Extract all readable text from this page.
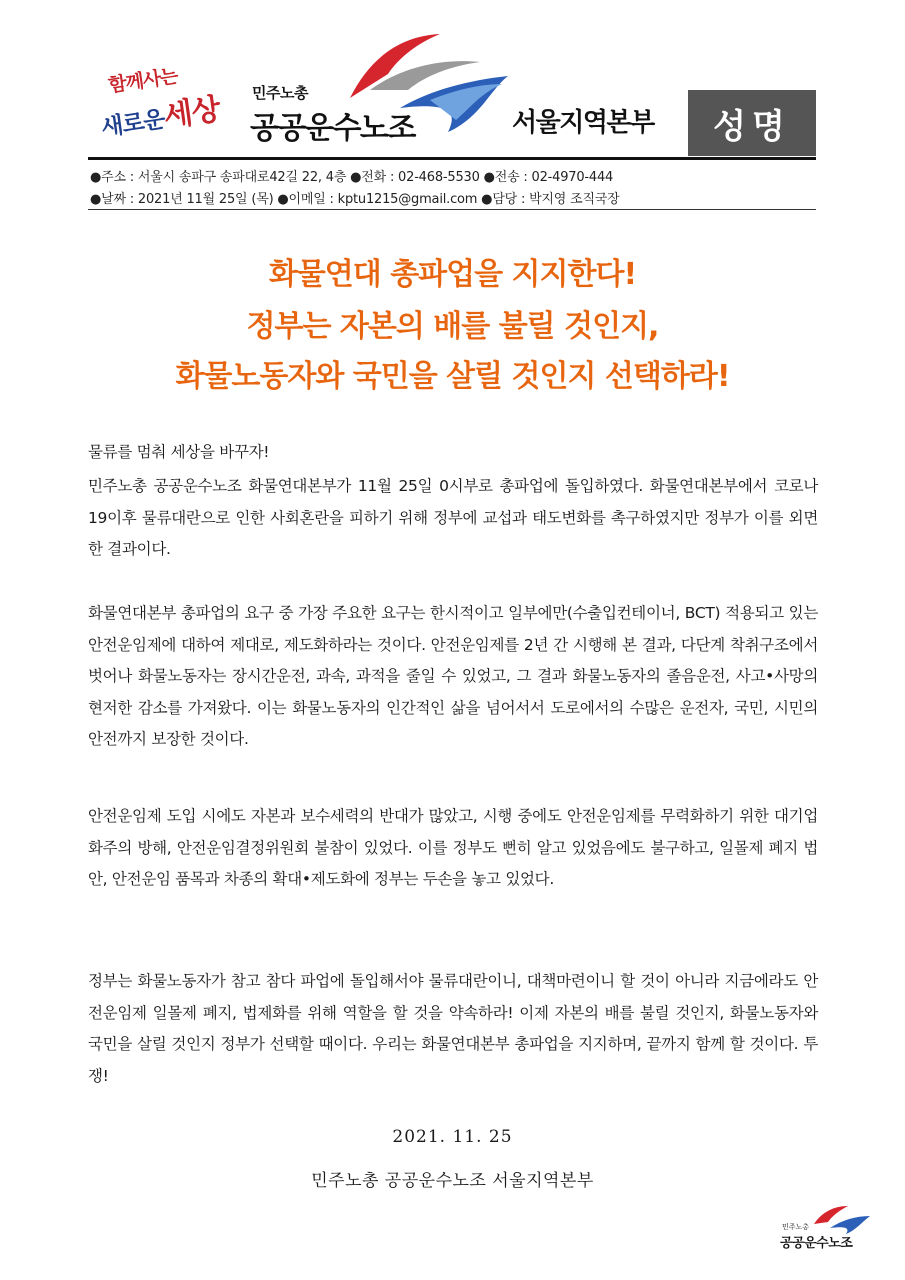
함께사는
새로운세상 민주노총
공공운수노조	서울지역본부	성명
●주소 : 서울시 송파구 송파대로42길 22, 4층 ●전화 : 02-468-5530 ●전송 : 02-4970-444
●날짜 : 2021년 11월 25일 (목) ●이메일 : kptu1215@gmail.com ●담당 : 박지영 조직국장
화물연대 총파업을 지지한다!
정부는 자본의 배를 불릴 것인지,
화물노동자와 국민을 살릴 것인지 선택하라!
물류를 멈춰 세상을 바꾸자!
민주노총 공공운수노조 화물연대본부가 11월 25일 0시부로 총파업에 돌입하였다. 화물연대본부에서 코로나 19이후 물류대란으로 인한 사회혼란을 피하기 위해 정부에 교섭과 태도변화를 촉구하였지만 정부가 이를 외면한 결과이다.
화물연대본부 총파업의 요구 중 가장 주요한 요구는 한시적이고 일부에만(수출입컨테이너, BCT) 적용되고 있는 안전운임제에 대하여 제대로, 제도화하라는 것이다. 안전운임제를 2년 간 시행해 본 결과, 다단계 착취구조에서 벗어나 화물노동자는 장시간운전, 과속, 과적을 줄일 수 있었고, 그 결과 화물노동자의 졸음운전, 사고•사망의 현저한 감소를 가져왔다. 이는 화물노동자의 인간적인 삶을 넘어서서 도로에서의 수많은 운전자, 국민, 시민의 안전까지 보장한 것이다.
안전운임제 도입 시에도 자본과 보수세력의 반대가 많았고, 시행 중에도 안전운임제를 무력화하기 위한 대기업화주의 방해, 안전운임결정위원회 불참이 있었다. 이를 정부도 뻔히 알고 있었음에도 불구하고, 일몰제 폐지 법안, 안전운임 품목과 차종의 확대•제도화에 정부는 두손을 놓고 있었다.
정부는 화물노동자가 참고 참다 파업에 돌입해서야 물류대란이니, 대책마련이니 할 것이 아니라 지금에라도 안전운임제 일몰제 폐지, 법제화를 위해 역할을 할 것을 약속하라! 이제 자본의 배를 불릴 것인지, 화물노동자와 국민을 살릴 것인지 정부가 선택할 때이다. 우리는 화물연대본부 총파업을 지지하며, 끝까지 함께 할 것이다. 투쟁!
2021. 11. 25
민주노총 공공운수노조 서울지역본부
민주노총
공공운수노조
